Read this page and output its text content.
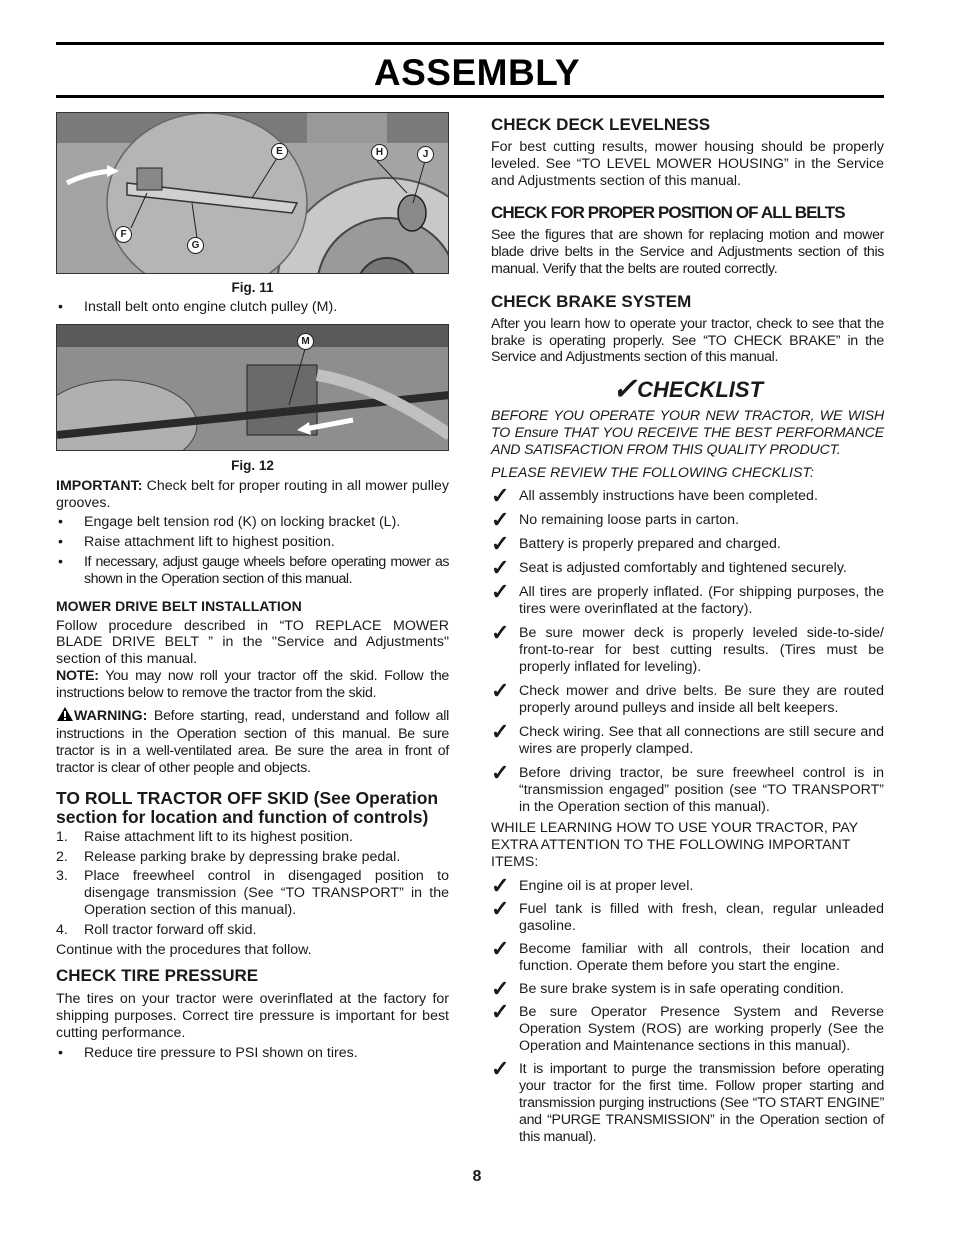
ASSEMBLY
E	H	J
F
G
Fig. 11
•	Install belt onto engine clutch pulley (M).
M
Fig. 12
IMPORTANT: Check belt for proper routing in all mower pulley grooves.
•	Engage belt tension rod (K) on locking bracket (L).
•	Raise attachment lift to highest position.
•	If necessary, adjust gauge wheels before operating mower as shown in the Operation section of this manual.
MOWER DRIVE BELT INSTALLATION
Follow procedure described in “TO REPLACE MOWER BLADE DRIVE BELT ” in the "Service and Adjustments" section of this manual.
NOTE: You may now roll your tractor off the skid. Follow the instructions below to remove the tractor from the skid.
WARNING: Before starting, read, understand and follow all instructions in the Operation section of this manual. Be sure tractor is in a well-ventilated area. Be sure the area in front of tractor is clear of other people and objects.
TO ROLL TRACTOR OFF SKID (See Operation section for location and function of controls)
1.	Raise attachment lift to its highest position.
2.	Release parking brake by depressing brake pedal.
3.	Place freewheel control in disengaged position to disengage transmission (See “TO TRANSPORT” in the Operation section of this manual).
4.	Roll tractor forward off skid.
Continue with the procedures that follow.
CHECK TIRE PRESSURE
The tires on your tractor were overinflated at the factory for shipping purposes. Correct tire pressure is important for best cutting performance.
•	Reduce tire pressure to PSI shown on tires.
CHECK DECK LEVELNESS
For best cutting results, mower housing should be properly leveled. See “TO LEVEL MOWER HOUSING” in the Service and Adjustments section of this manual.
CHECK FOR PROPER POSITION OF ALL BELTS
See the figures that are shown for replacing motion and mower blade drive belts in the Service and Adjustments section of this manual. Verify that the belts are routed correctly.
CHECK BRAKE SYSTEM
After you learn how to operate your tractor, check to see that the brake is operating properly. See “TO CHECK BRAKE” in the Service and Adjustments section of this manual.
✓CHECKLIST
BEFORE YOU OPERATE YOUR NEW TRACTOR, WE WISH TO Ensure THAT YOU RECEIVE THE BEST PERFORMANCE AND SATISFACTION FROM THIS QUALITY PRODUCT.
PLEASE REVIEW THE FOLLOWING CHECKLIST:
✓ All assembly instructions have been completed.
✓ No remaining loose parts in carton.
✓ Battery is properly prepared and charged.
✓ Seat is adjusted comfortably and tightened securely.
✓ All tires are properly inflated. (For shipping purposes, the tires were overinflated at the factory).
✓ Be sure mower deck is properly leveled side-to-side/ front-to-rear for best cutting results. (Tires must be properly inflated for leveling).
✓ Check mower and drive belts. Be sure they are routed properly around pulleys and inside all belt keepers.
✓ Check wiring. See that all connections are still secure and wires are properly clamped.
✓ Before driving tractor, be sure freewheel control is in “transmission engaged” position (see “TO TRANSPORT” in the Operation section of this manual).
WHILE LEARNING HOW TO USE YOUR TRACTOR, PAY EXTRA ATTENTION TO THE FOLLOWING IMPORTANT ITEMS:
✓ Engine oil is at proper level.
✓ Fuel tank is filled with fresh, clean, regular unleaded gasoline.
✓ Become familiar with all controls, their location and function. Operate them before you start the engine.
✓ Be sure brake system is in safe operating condition.
✓ Be sure Operator Presence System and Reverse Operation System (ROS) are working properly (See the Operation and Maintenance sections in this manual).
✓ It is important to purge the transmission before operating your tractor for the first time. Follow proper starting and transmission purging instructions (See “TO START ENGINE” and “PURGE TRANSMISSION” in the Operation section of this manual).
8
